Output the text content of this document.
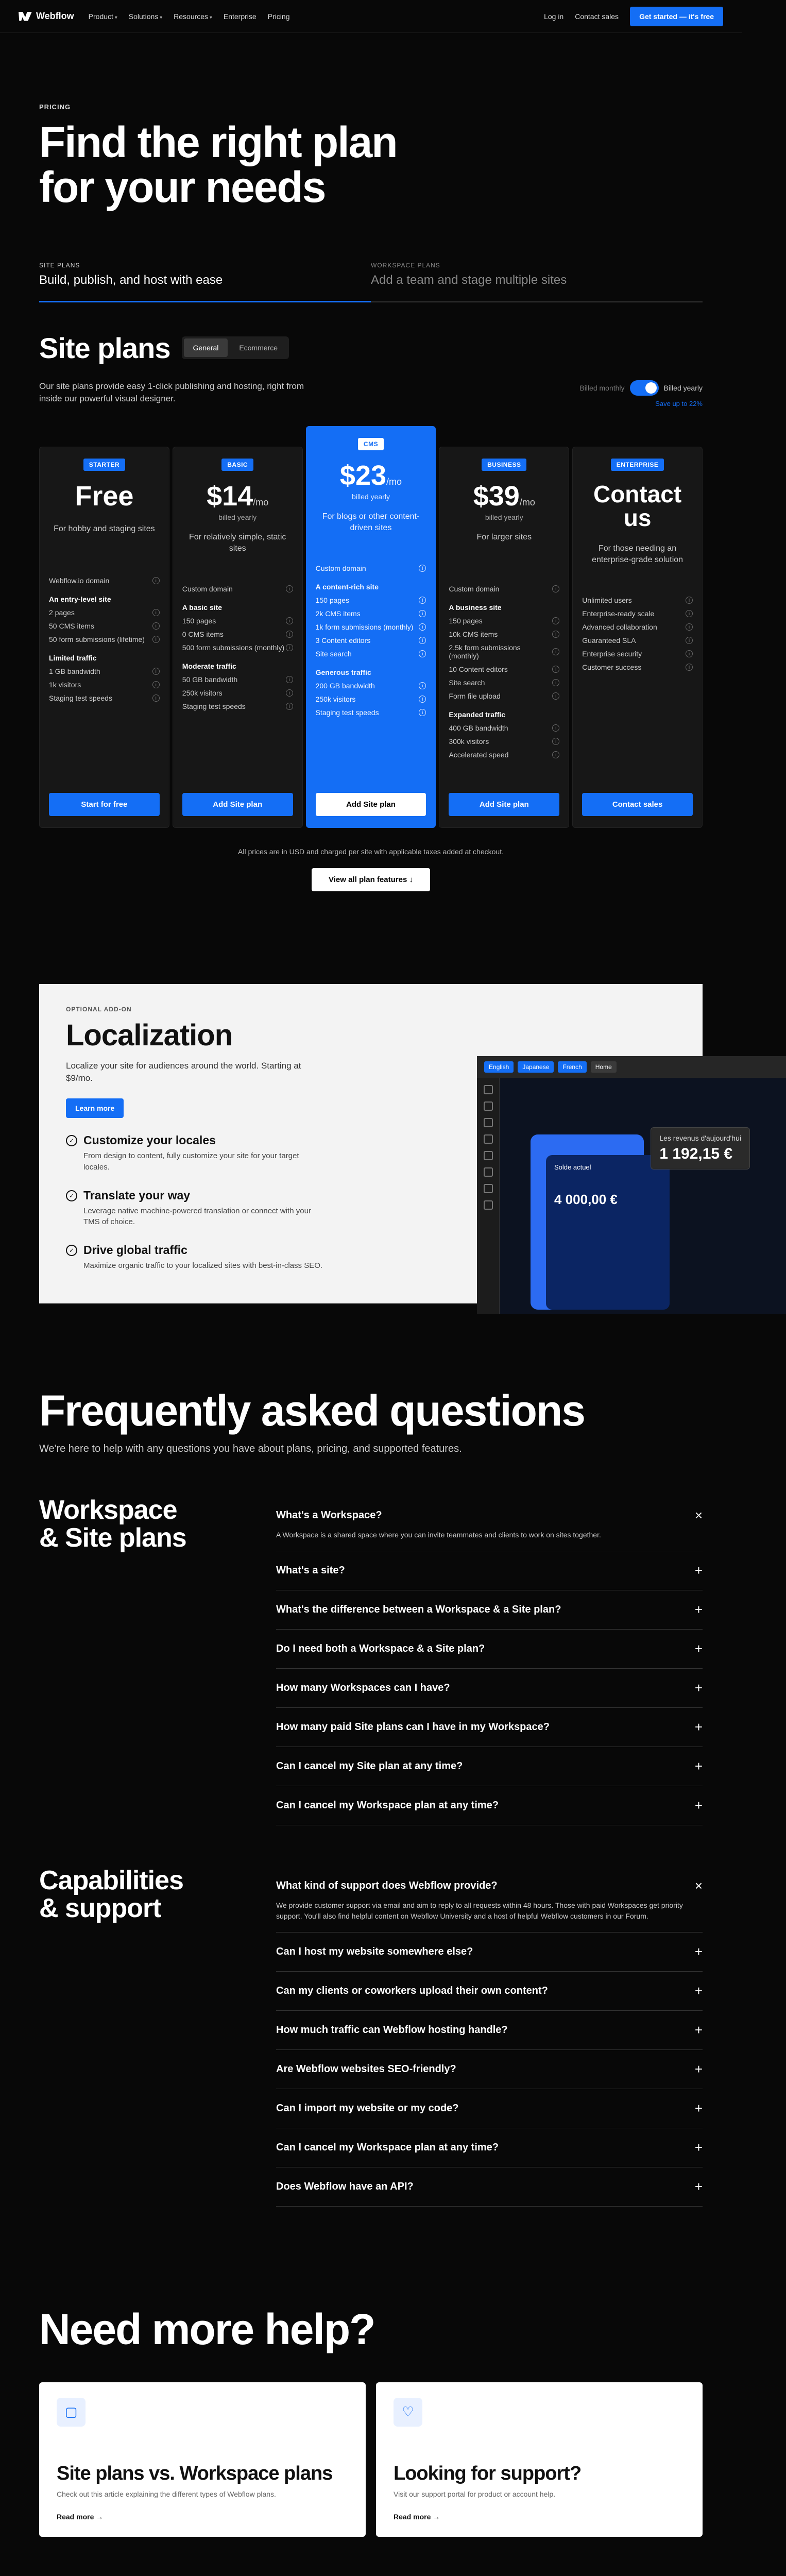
Webflow Product ▾	Solutions ▾	Resources ▾	Enterprise Pricing	Log in Contact sales	Get started — it's free
PRICING
Find the right plan
for your needs
SITE PLANS
Build, publish, and host with ease
WORKSPACE PLANS
Add a team and stage multiple sites
Site plans	General	Ecommerce

Our site plans provide easy 1-click publishing and hosting, right from inside our powerful visual designer.

Billed monthly	Billed yearly
Save up to 22%
STARTER
Free
For hobby and staging sites
Webflow.io domain	i
An entry-level site
2 pages	i
50 CMS items	i
50 form submissions (lifetime)	i
Limited traffic
1 GB bandwidth	i
1k visitors	i
Staging test speeds	i
Start for free
BASIC
$14/mo
billed yearly
For relatively simple, static sites
Custom domain	i
A basic site
150 pages	i
0 CMS items	i
500 form submissions (monthly) i
Moderate traffic
50 GB bandwidth	i
250k visitors	i
Staging test speeds	i
Add Site plan
CMS
$23/mo
billed yearly
For blogs or other content-driven sites
Custom domain	i
A content-rich site
150 pages	i
2k CMS items	i
1k form submissions (monthly)	i
3 Content editors	i
Site search	i
Generous traffic
200 GB bandwidth	i
250k visitors	i
Staging test speeds	i
Add Site plan
BUSINESS
$39/mo
billed yearly
For larger sites
Custom domain	i
A business site
150 pages	i
10k CMS items	i
2.5k form submissions (monthly)	i
10 Content editors	i
Site search	i
Form file upload	i
Expanded traffic
400 GB bandwidth	i
300k visitors	i
Accelerated speed	i
Add Site plan
ENTERPRISE
Contact us
For those needing an enterprise-grade solution
Unlimited users	i
Enterprise-ready scale	i
Advanced collaboration	i
Guaranteed SLA	i
Enterprise security	i
Customer success	i
Contact sales
All prices are in USD and charged per site with applicable taxes added at checkout.
View all plan features ↓
OPTIONAL ADD-ON
Localization

Localize your site for audiences around the world. Starting at $9/mo.

Learn more
✓ Customize your locales

From design to content, fully customize your site for your target locales.

✓ Translate your way

Leverage native machine-powered translation or connect with your TMS of choice.

✓ Drive global traffic

Maximize organic traffic to your localized sites with best-in-class SEO.

English	Japanese	French	Home
Solde actuel
4 000,00 €
Les revenus d'aujourd'hui
1 192,15 €
Frequently asked questions

We're here to help with any questions you have about plans, pricing, and supported features.

Workspace
& Site plans
What's a Workspace?	×
A Workspace is a shared space where you can invite teammates and clients to work on sites together.
What's a site?	+
What's the difference between a Workspace & a Site plan?	+
Do I need both a Workspace & a Site plan?	+
How many Workspaces can I have?	+
How many paid Site plans can I have in my Workspace?	+
Can I cancel my Site plan at any time?	+
Can I cancel my Workspace plan at any time?	+
Capabilities
& support
What kind of support does Webflow provide?	×
We provide customer support via email and aim to reply to all requests within 48 hours. Those with paid Workspaces get priority support. You'll also find helpful content on Webflow University and a host of helpful Webflow customers in our Forum.
Can I host my website somewhere else?	+
Can my clients or coworkers upload their own content?	+
How much traffic can Webflow hosting handle?	+
Are Webflow websites SEO-friendly?	+
Can I import my website or my code?	+
Can I cancel my Workspace plan at any time?	+
Does Webflow have an API?	+
Need more help?
▢
Site plans vs. Workspace plans

Check out this article explaining the different types of Webflow plans.

Read more →
♡
Looking for support?

Visit our support portal for product or account help.

Read more →
